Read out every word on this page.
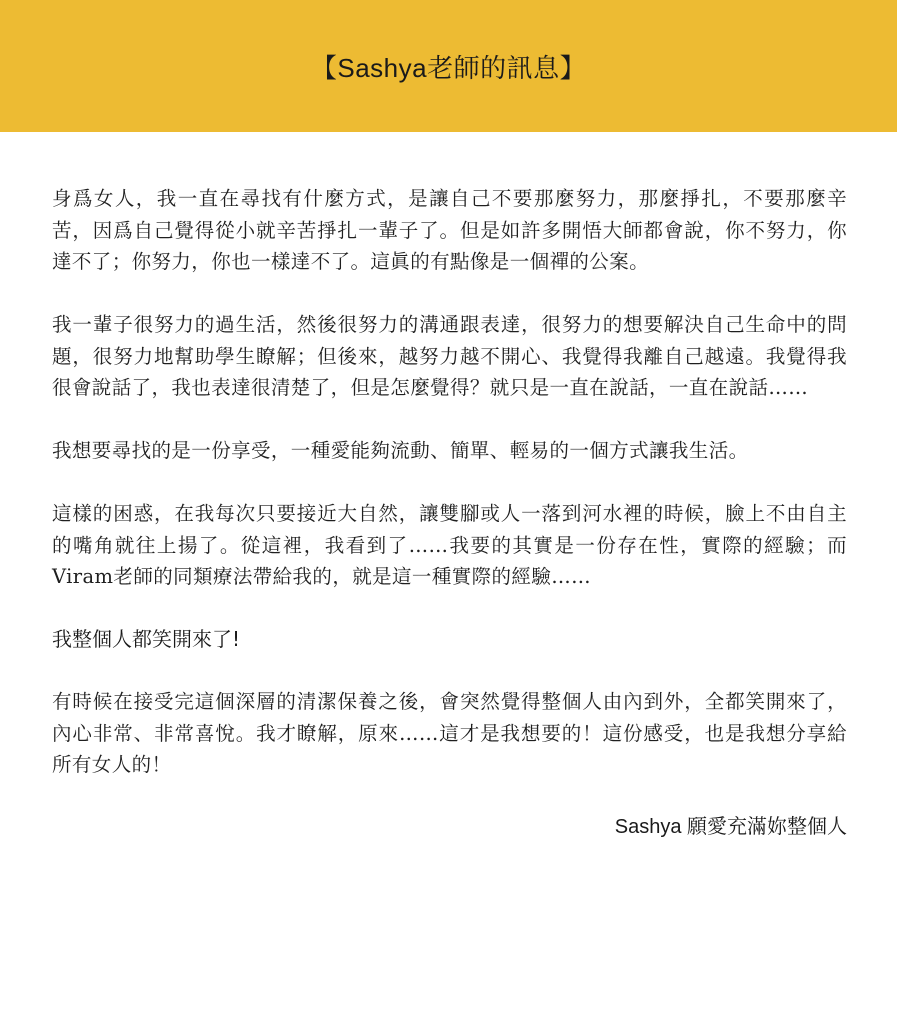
【Sashya老師的訊息】

身爲女人，我一直在尋找有什麼方式，是讓自己不要那麼努力，那麼掙扎，不要那麼辛苦，因爲自己覺得從小就辛苦掙扎一輩子了。但是如許多開悟大師都會說，你不努力，你達不了；你努力，你也一樣達不了。這眞的有點像是一個禪的公案。

我一輩子很努力的過生活，然後很努力的溝通跟表達，很努力的想要解決自己生命中的問題，很努力地幫助學生瞭解；但後來，越努力越不開心、我覺得我離自己越遠。我覺得我很會說話了，我也表達很清楚了，但是怎麼覺得？就只是一直在說話，一直在說話……

我想要尋找的是一份享受，一種愛能夠流動、簡單、輕易的一個方式讓我生活。

這樣的困惑，在我每次只要接近大自然，讓雙腳或人一落到河水裡的時候，臉上不由自主的嘴角就往上揚了。從這裡，我看到了……我要的其實是一份存在性，實際的經驗；而Viram老師的同類療法帶給我的，就是這一種實際的經驗……

我整個人都笑開來了!

有時候在接受完這個深層的清潔保養之後，會突然覺得整個人由內到外，全都笑開來了，內心非常、非常喜悅。我才瞭解，原來……這才是我想要的！這份感受，也是我想分享給所有女人的！

Sashya 願愛充滿妳整個人
